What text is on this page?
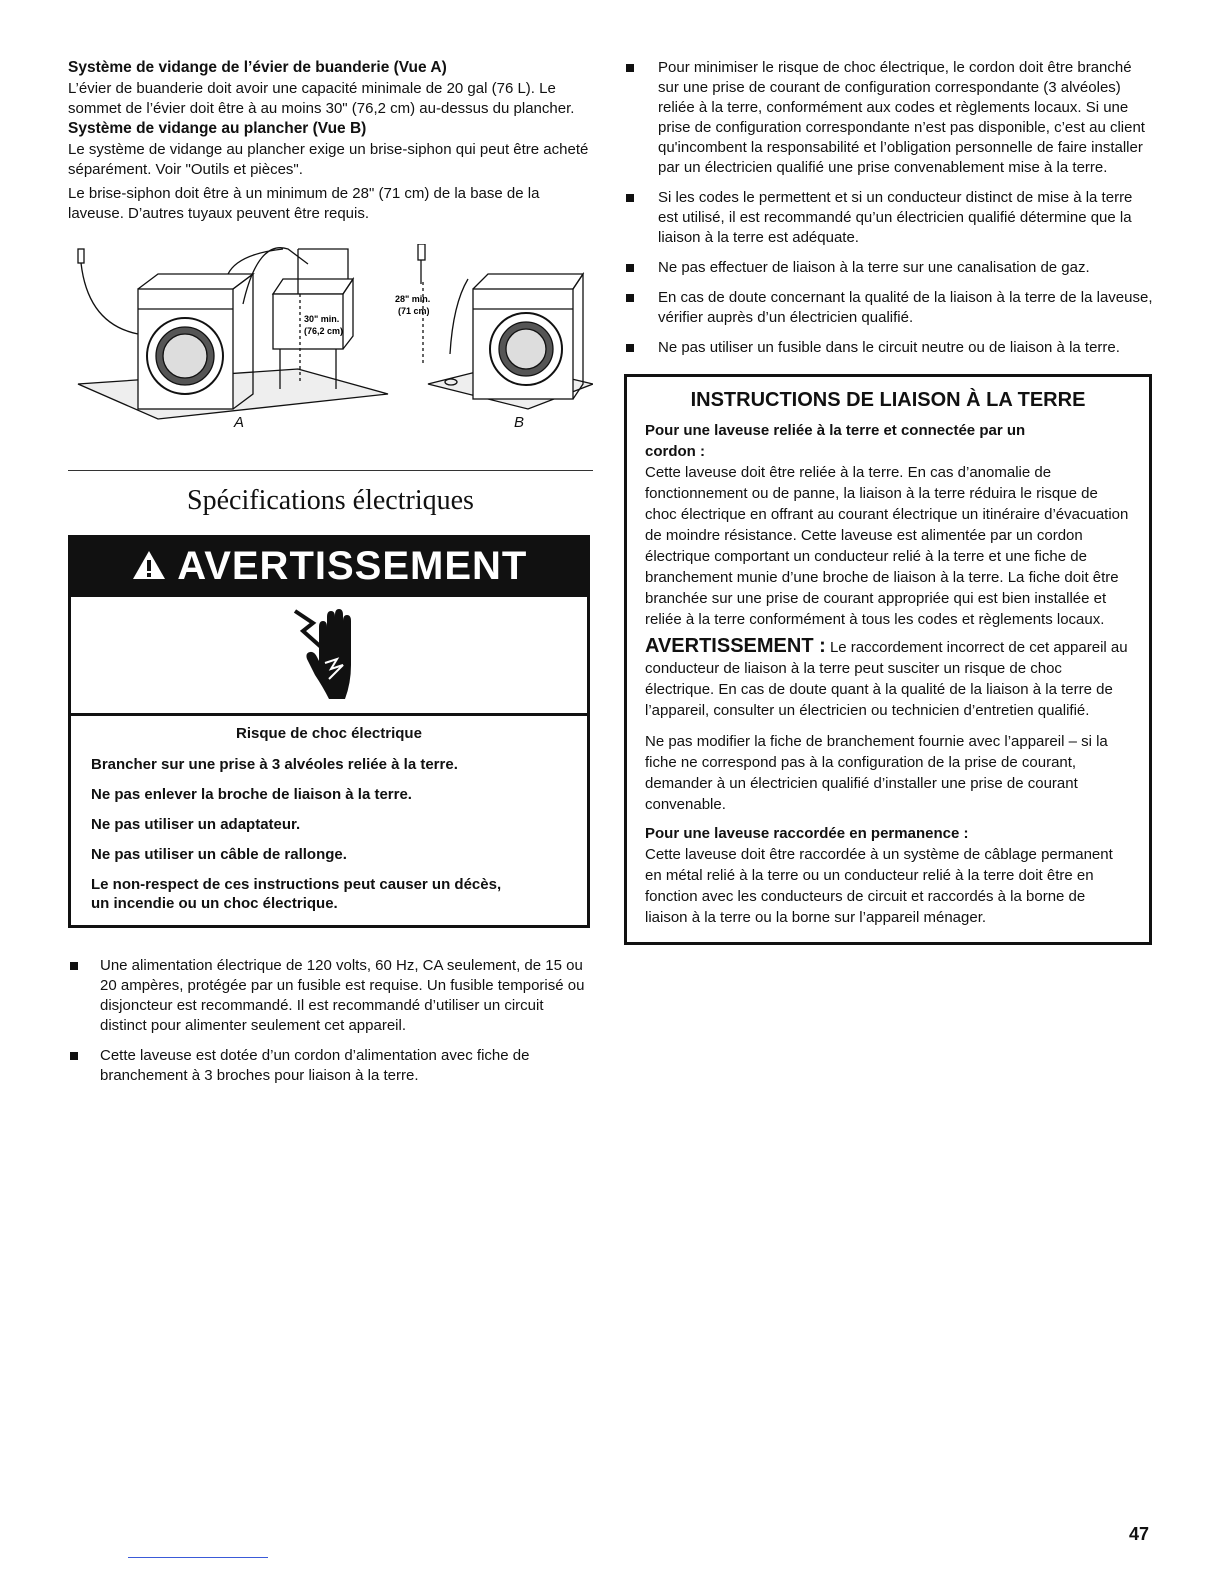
Système de vidange de l’évier de buanderie (Vue A)

L’évier de buanderie doit avoir une capacité minimale de 20 gal (76 L). Le sommet de l’évier doit être à au moins 30" (76,2 cm) au-dessus du plancher.

Système de vidange au plancher (Vue B)

Le système de vidange au plancher exige un brise-siphon qui peut être acheté séparément. Voir "Outils et pièces".

Le brise-siphon doit être à un minimum de 28" (71 cm) de la base de la laveuse. D’autres tuyaux peuvent être requis.

30" min.
(76,2 cm)
28" min.
(71 cm)
A	B
Spécifications électriques
AVERTISSEMENT

Risque de choc électrique

Brancher sur une prise à 3 alvéoles reliée à la terre.

Ne pas enlever la broche de liaison à la terre.

Ne pas utiliser un adaptateur.

Ne pas utiliser un câble de rallonge.

Le non-respect de ces instructions peut causer un décès, un incendie ou un choc électrique.

Une alimentation électrique de 120 volts, 60 Hz, CA seulement, de 15 ou 20 ampères, protégée par un fusible est requise. Un fusible temporisé ou disjoncteur est recommandé. Il est recommandé d’utiliser un circuit distinct pour alimenter seulement cet appareil.
Cette laveuse est dotée d’un cordon d’alimentation avec fiche de branchement à 3 broches pour liaison à la terre.
Pour minimiser le risque de choc électrique, le cordon doit être branché sur une prise de courant de configuration correspondante (3 alvéoles) reliée à la terre, conformément aux codes et règlements locaux. Si une prise de configuration correspondante n’est pas disponible, c’est au client qu'incombent la responsabilité et l’obligation personnelle de faire installer par un électricien qualifié une prise convenablement mise à la terre.
Si les codes le permettent et si un conducteur distinct de mise à la terre est utilisé, il est recommandé qu’un électricien qualifié détermine que la liaison à la terre est adéquate.
Ne pas effectuer de liaison à la terre sur une canalisation de gaz.
En cas de doute concernant la qualité de la liaison à la terre de la laveuse, vérifier auprès d’un électricien qualifié.
Ne pas utiliser un fusible dans le circuit neutre ou de liaison à la terre.
INSTRUCTIONS DE LIAISON À LA TERRE

Pour une laveuse reliée à la terre et connectée par un cordon :

Cette laveuse doit être reliée à la terre. En cas d’anomalie de fonctionnement ou de panne, la liaison à la terre réduira le risque de choc électrique en offrant au courant électrique un itinéraire d’évacuation de moindre résistance. Cette laveuse est alimentée par un cordon électrique comportant un conducteur relié à la terre et une fiche de branchement munie d’une broche de liaison à la terre. La fiche doit être branchée sur une prise de courant appropriée qui est bien installée et reliée à la terre conformément à tous les codes et règlements locaux.

AVERTISSEMENT : Le raccordement incorrect de cet appareil au conducteur de liaison à la terre peut susciter un risque de choc électrique. En cas de doute quant à la qualité de la liaison à la terre de l’appareil, consulter un électricien ou technicien d’entretien qualifié.

Ne pas modifier la fiche de branchement fournie avec l’appareil – si la fiche ne correspond pas à la configuration de la prise de courant, demander à un électricien qualifié d’installer une prise de courant convenable.

Pour une laveuse raccordée en permanence :

Cette laveuse doit être raccordée à un système de câblage permanent en métal relié à la terre ou un conducteur relié à la terre doit être en fonction avec les conducteurs de circuit et raccordés à la borne de liaison à la terre ou la borne sur l’appareil ménager.

47
